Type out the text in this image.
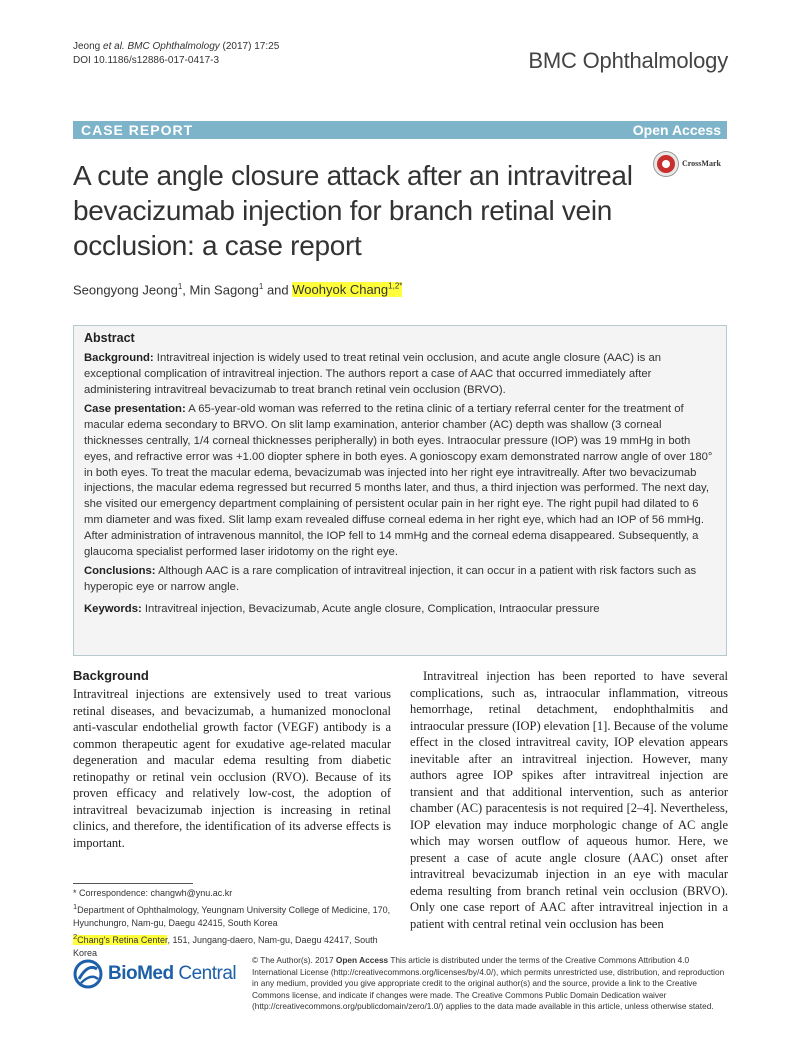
Jeong et al. BMC Ophthalmology (2017) 17:25
DOI 10.1186/s12886-017-0417-3	BMC Ophthalmology
CASE REPORT	Open Access
A cute angle closure attack after an intravitreal bevacizumab injection for branch retinal vein occlusion: a case report
CrossMark
Seongyong Jeong$^1$, Min Sagong$^1$ and Woohyok Chang$^{1,2*}$
Abstract

Background: Intravitreal injection is widely used to treat retinal vein occlusion, and acute angle closure (AAC) is an exceptional complication of intravitreal injection. The authors report a case of AAC that occurred immediately after administering intravitreal bevacizumab to treat branch retinal vein occlusion (BRVO).

Case presentation: A 65-year-old woman was referred to the retina clinic of a tertiary referral center for the treatment of macular edema secondary to BRVO. On slit lamp examination, anterior chamber (AC) depth was shallow (3 corneal thicknesses centrally, 1/4 corneal thicknesses peripherally) in both eyes. Intraocular pressure (IOP) was 19 mmHg in both eyes, and refractive error was +1.00 diopter sphere in both eyes. A gonioscopy exam demonstrated narrow angle of over 180° in both eyes. To treat the macular edema, bevacizumab was injected into her right eye intravitreally. After two bevacizumab injections, the macular edema regressed but recurred 5 months later, and thus, a third injection was performed. The next day, she visited our emergency department complaining of persistent ocular pain in her right eye. The right pupil had dilated to 6 mm diameter and was fixed. Slit lamp exam revealed diffuse corneal edema in her right eye, which had an IOP of 56 mmHg. After administration of intravenous mannitol, the IOP fell to 14 mmHg and the corneal edema disappeared. Subsequently, a glaucoma specialist performed laser iridotomy on the right eye.

Conclusions: Although AAC is a rare complication of intravitreal injection, it can occur in a patient with risk factors such as hyperopic eye or narrow angle.

Keywords: Intravitreal injection, Bevacizumab, Acute angle closure, Complication, Intraocular pressure

Background

Intravitreal injections are extensively used to treat various retinal diseases, and bevacizumab, a humanized monoclonal anti-vascular endothelial growth factor (VEGF) antibody is a common therapeutic agent for exudative age-related macular degeneration and macular edema resulting from diabetic retinopathy or retinal vein occlusion (RVO). Because of its proven efficacy and relatively low-cost, the adoption of intravitreal bevacizumab injection is increasing in retinal clinics, and therefore, the identification of its adverse effects is important.

Intravitreal injection has been reported to have several complications, such as, intraocular inflammation, vitreous hemorrhage, retinal detachment, endophthalmitis and intraocular pressure (IOP) elevation [1]. Because of the volume effect in the closed intravitreal cavity, IOP elevation appears inevitable after an intravitreal injection. However, many authors agree IOP spikes after intravitreal injection are transient and that additional intervention, such as anterior chamber (AC) paracentesis is not required [2–4]. Nevertheless, IOP elevation may induce morphologic change of AC angle which may worsen outflow of aqueous humor. Here, we present a case of acute angle closure (AAC) onset after intravitreal bevacizumab injection in an eye with macular edema resulting from branch retinal vein occlusion (BRVO). Only one case report of AAC after intravitreal injection in a patient with central retinal vein occlusion has been

* Correspondence: changwh@ynu.ac.kr
$^1$Department of Ophthalmology, Yeungnam University College of Medicine, 170, Hyunchungro, Nam-gu, Daegu 42415, South Korea
$^2$Chang's Retina Center, 151, Jungang-daero, Nam-gu, Daegu 42417, South Korea
BioMed Central
© The Author(s). 2017 Open Access This article is distributed under the terms of the Creative Commons Attribution 4.0 International License (http://creativecommons.org/licenses/by/4.0/), which permits unrestricted use, distribution, and reproduction in any medium, provided you give appropriate credit to the original author(s) and the source, provide a link to the Creative Commons license, and indicate if changes were made. The Creative Commons Public Domain Dedication waiver (http://creativecommons.org/publicdomain/zero/1.0/) applies to the data made available in this article, unless otherwise stated.
